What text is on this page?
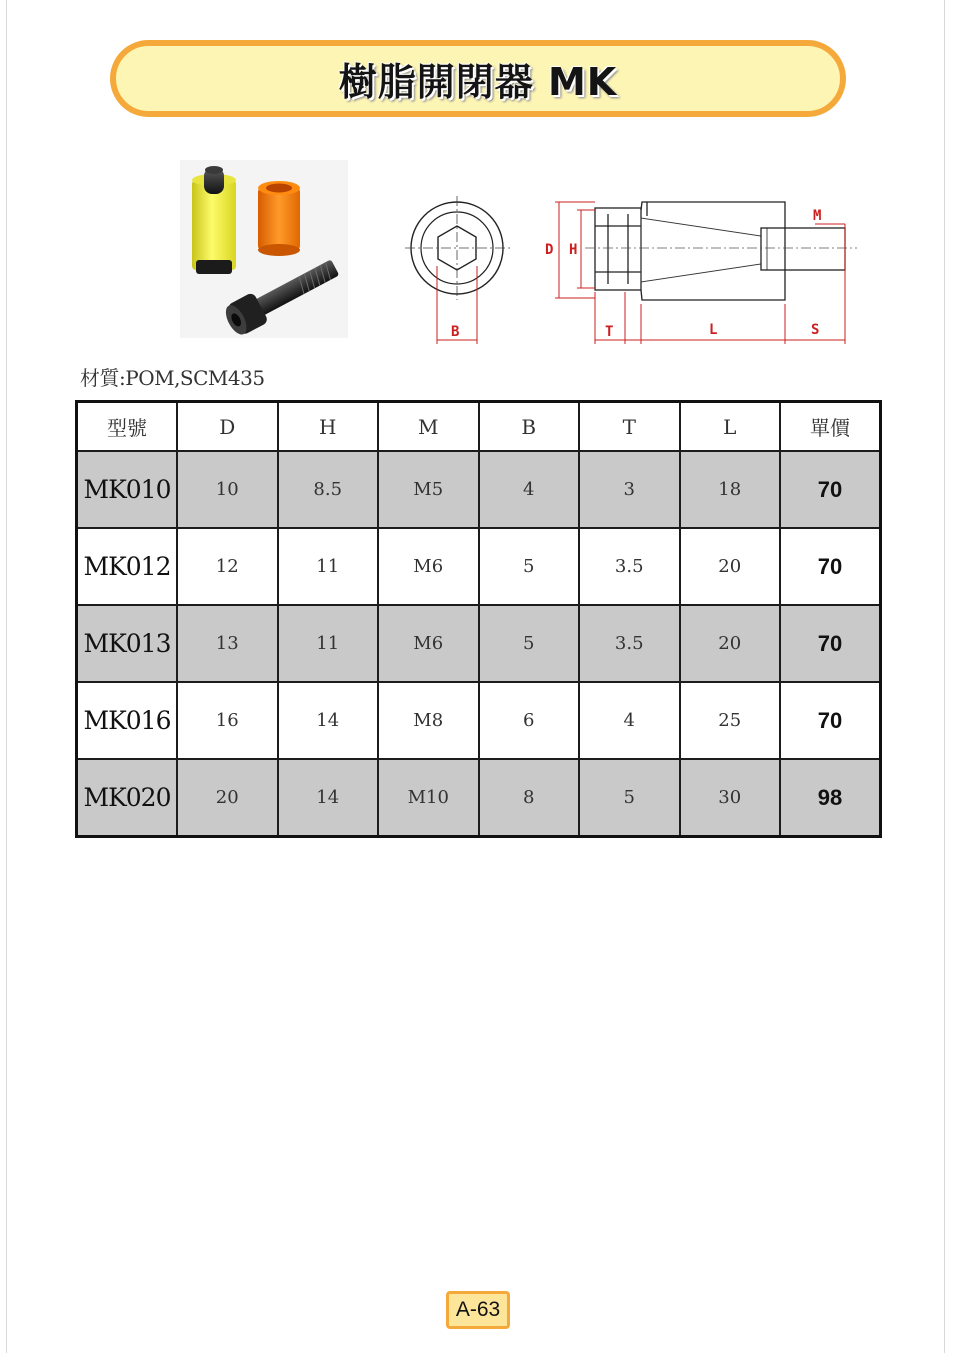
樹脂開閉器 MK
B
D H
T	L	S
M
材質:POM,SCM435
型號	D	H	M	B	T	L	單價
MK010	10	8.5	M5	4	3	18	70
MK012	12	11	M6	5	3.5	20	70
MK013	13	11	M6	5	3.5	20	70
MK016	16	14	M8	6	4	25	70
MK020	20	14	M10	8	5	30	98
A-63
